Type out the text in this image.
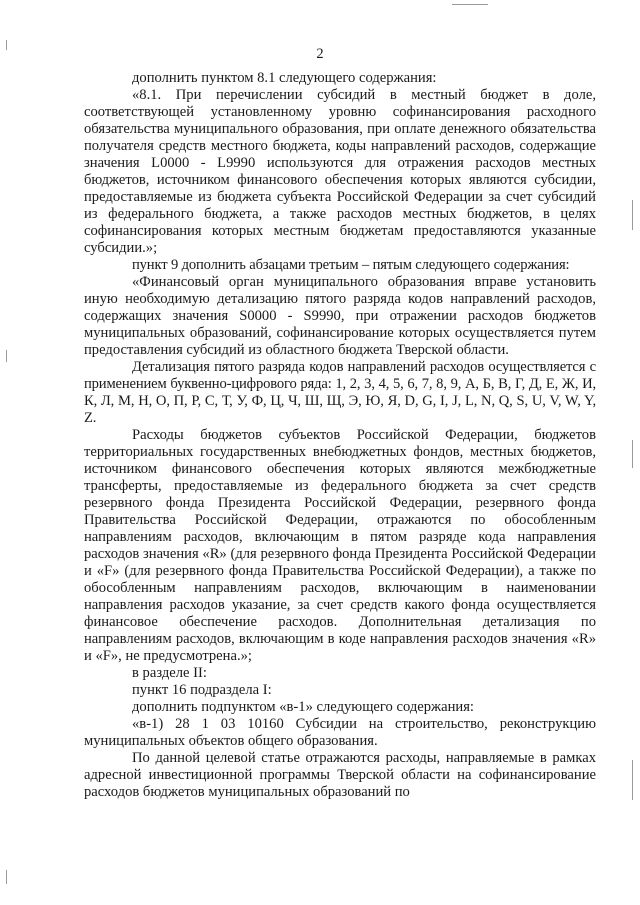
2

дополнить пунктом 8.1 следующего содержания:

«8.1. При перечислении субсидий в местный бюджет в доле, соответствующей установленному уровню софинансирования расходного обязательства муниципального образования, при оплате денежного обязательства получателя средств местного бюджета, коды направлений расходов, содержащие значения L0000 - L9990 используются для отражения расходов местных бюджетов, источником финансового обеспечения которых являются субсидии, предоставляемые из бюджета субъекта Российской Федерации за счет субсидий из федерального бюджета, а также расходов местных бюджетов, в целях софинансирования которых местным бюджетам предоставляются указанные субсидии.»;

пункт 9 дополнить абзацами третьим – пятым следующего содержания:

«Финансовый орган муниципального образования вправе установить иную необходимую детализацию пятого разряда кодов направлений расходов, содержащих значения S0000 - S9990, при отражении расходов бюджетов муниципальных образований, софинансирование которых осуществляется путем предоставления субсидий из областного бюджета Тверской области.

Детализация пятого разряда кодов направлений расходов осуществляется с применением буквенно-цифрового ряда: 1, 2, 3, 4, 5, 6, 7, 8, 9, А, Б, В, Г, Д, Е, Ж, И, К, Л, М, Н, О, П, Р, С, Т, У, Ф, Ц, Ч, Ш, Щ, Э, Ю, Я, D, G, I, J, L, N, Q, S, U, V, W, Y, Z.

Расходы бюджетов субъектов Российской Федерации, бюджетов территориальных государственных внебюджетных фондов, местных бюджетов, источником финансового обеспечения которых являются межбюджетные трансферты, предоставляемые из федерального бюджета за счет средств резервного фонда Президента Российской Федерации, резервного фонда Правительства Российской Федерации, отражаются по обособленным направлениям расходов, включающим в пятом разряде кода направления расходов значения «R» (для резервного фонда Президента Российской Федерации и «F» (для резервного фонда Правительства Российской Федерации), а также по обособленным направлениям расходов, включающим в наименовании направления расходов указание, за счет средств какого фонда осуществляется финансовое обеспечение расходов. Дополнительная детализация по направлениям расходов, включающим в коде направления расходов значения «R» и «F», не предусмотрена.»;

в разделе II:

пункт 16 подраздела I:

дополнить подпунктом «в-1» следующего содержания:

«в-1) 28 1 03 10160 Субсидии на строительство, реконструкцию муниципальных объектов общего образования.

По данной целевой статье отражаются расходы, направляемые в рамках адресной инвестиционной программы Тверской области на софинансирование расходов бюджетов муниципальных образований по
